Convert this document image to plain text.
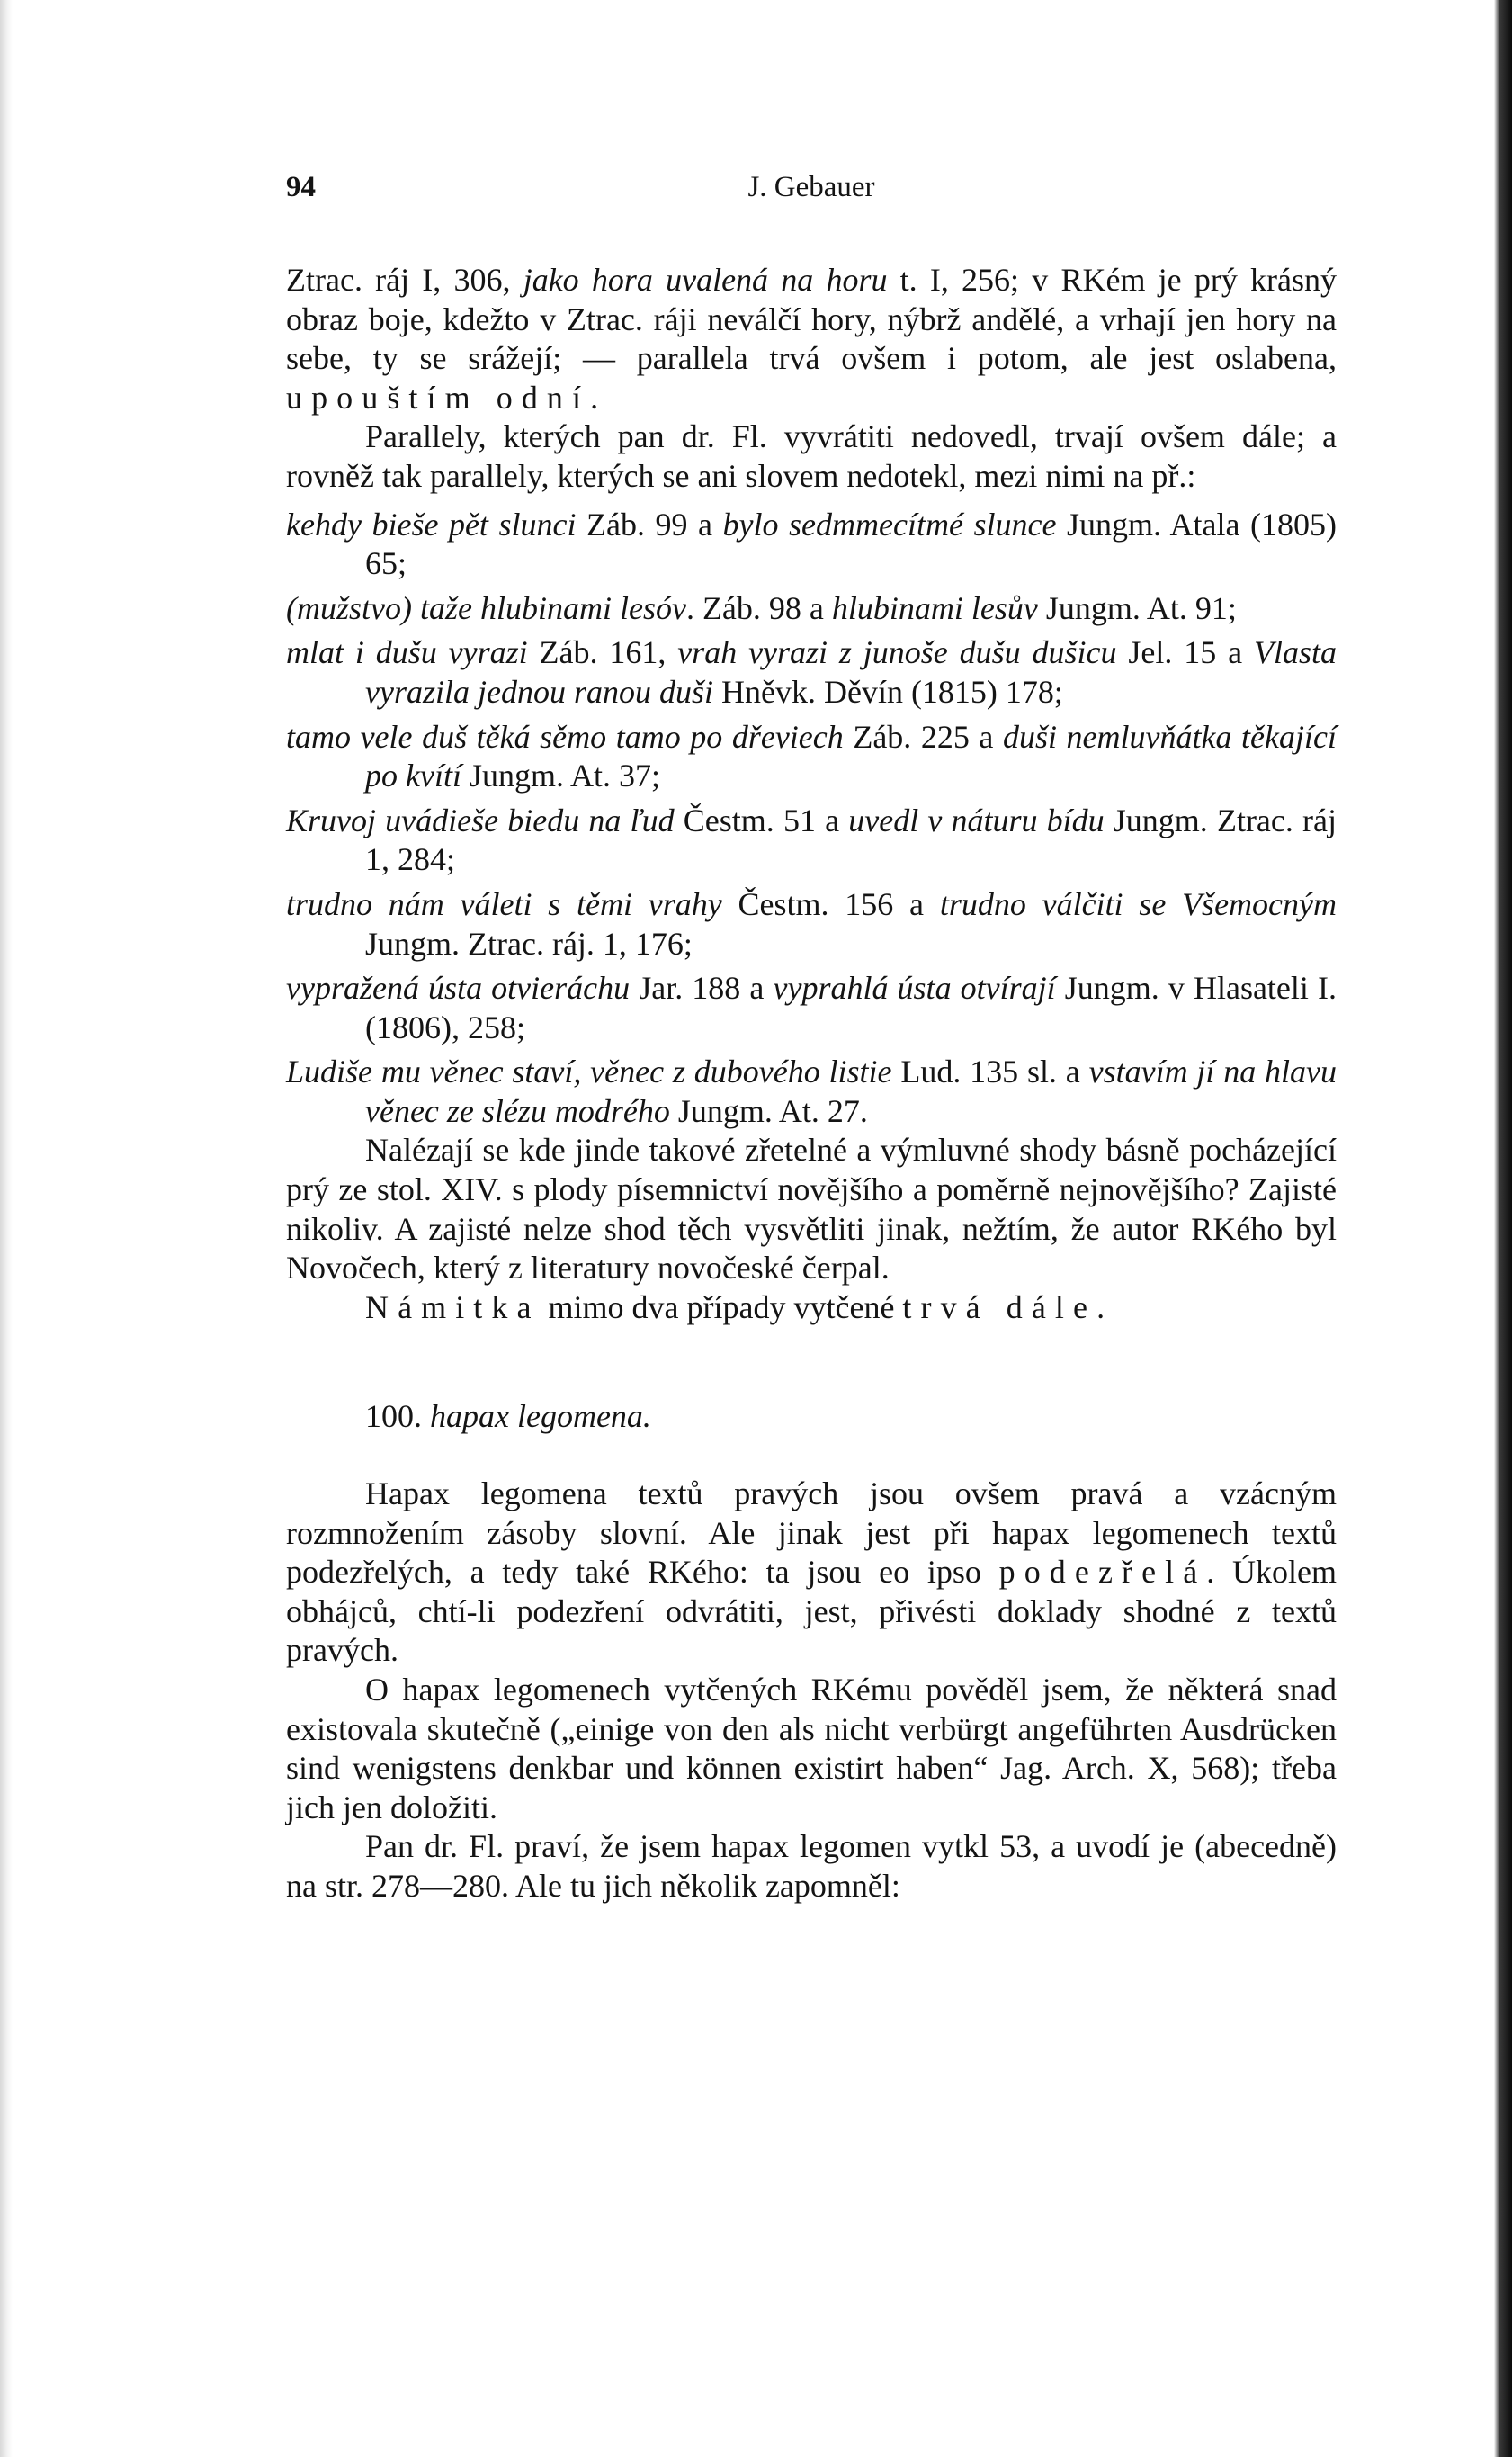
94	J. Gebauer

Ztrac. ráj I, 306, jako hora uvalená na horu t. I, 256; v RKém je prý krásný obraz boje, kdežto v Ztrac. ráji neválčí hory, nýbrž andělé, a vrhají jen hory na sebe, ty se srážejí; — parallela trvá ovšem i potom, ale jest oslabena, upouštím odní.

Parallely, kterých pan dr. Fl. vyvrátiti nedovedl, trvají ovšem dále; a rovněž tak parallely, kterých se ani slovem nedotekl, mezi nimi na př.:

kehdy bieše pět slunci Záb. 99 a bylo sedmmecítmé slunce Jungm. Atala (1805) 65;

(mužstvo) taže hlubinami lesóv. Záb. 98 a hlubinami lesův Jungm. At. 91;

mlat i dušu vyrazi Záb. 161, vrah vyrazi z junoše dušu dušicu Jel. 15 a Vlasta vyrazila jednou ranou duši Hněvk. Děvín (1815) 178;

tamo vele duš těká sěmo tamo po dřeviech Záb. 225 a duši nemluvňátka těkající po kvítí Jungm. At. 37;

Kruvoj uvádieše biedu na ľud Čestm. 51 a uvedl v náturu bídu Jungm. Ztrac. ráj 1, 284;

trudno nám váleti s těmi vrahy Čestm. 156 a trudno válčiti se Všemocným Jungm. Ztrac. ráj. 1, 176;

vypražená ústa otvieráchu Jar. 188 a vyprahlá ústa otvírají Jungm. v Hlasateli I. (1806), 258;

Ludiše mu věnec staví, věnec z dubového listie Lud. 135 sl. a vstavím jí na hlavu věnec ze slézu modrého Jungm. At. 27.

Nalézají se kde jinde takové zřetelné a výmluvné shody básně pocházející prý ze stol. XIV. s plody písemnictví novějšího a poměrně nejnovějšího? Zajisté nikoliv. A zajisté nelze shod těch vysvětliti jinak, nežtím, že autor RKého byl Novočech, který z literatury novočeské čerpal.

Námitka mimo dva případy vytčené trvá dále.

100. hapax legomena.

Hapax legomena textů pravých jsou ovšem pravá a vzácným rozmnožením zásoby slovní. Ale jinak jest při hapax legomenech textů podezřelých, a tedy také RKého: ta jsou eo ipso podezřelá. Úkolem obhájců, chtí-li podezření odvrátiti, jest, přivésti doklady shodné z textů pravých.

O hapax legomenech vytčených RKému pověděl jsem, že některá snad existovala skutečně („einige von den als nicht verbürgt angeführten Ausdrücken sind wenigstens denkbar und können existirt haben“ Jag. Arch. X, 568); třeba jich jen doložiti.

Pan dr. Fl. praví, že jsem hapax legomen vytkl 53, a uvodí je (abecedně) na str. 278—280. Ale tu jich několik zapomněl:
